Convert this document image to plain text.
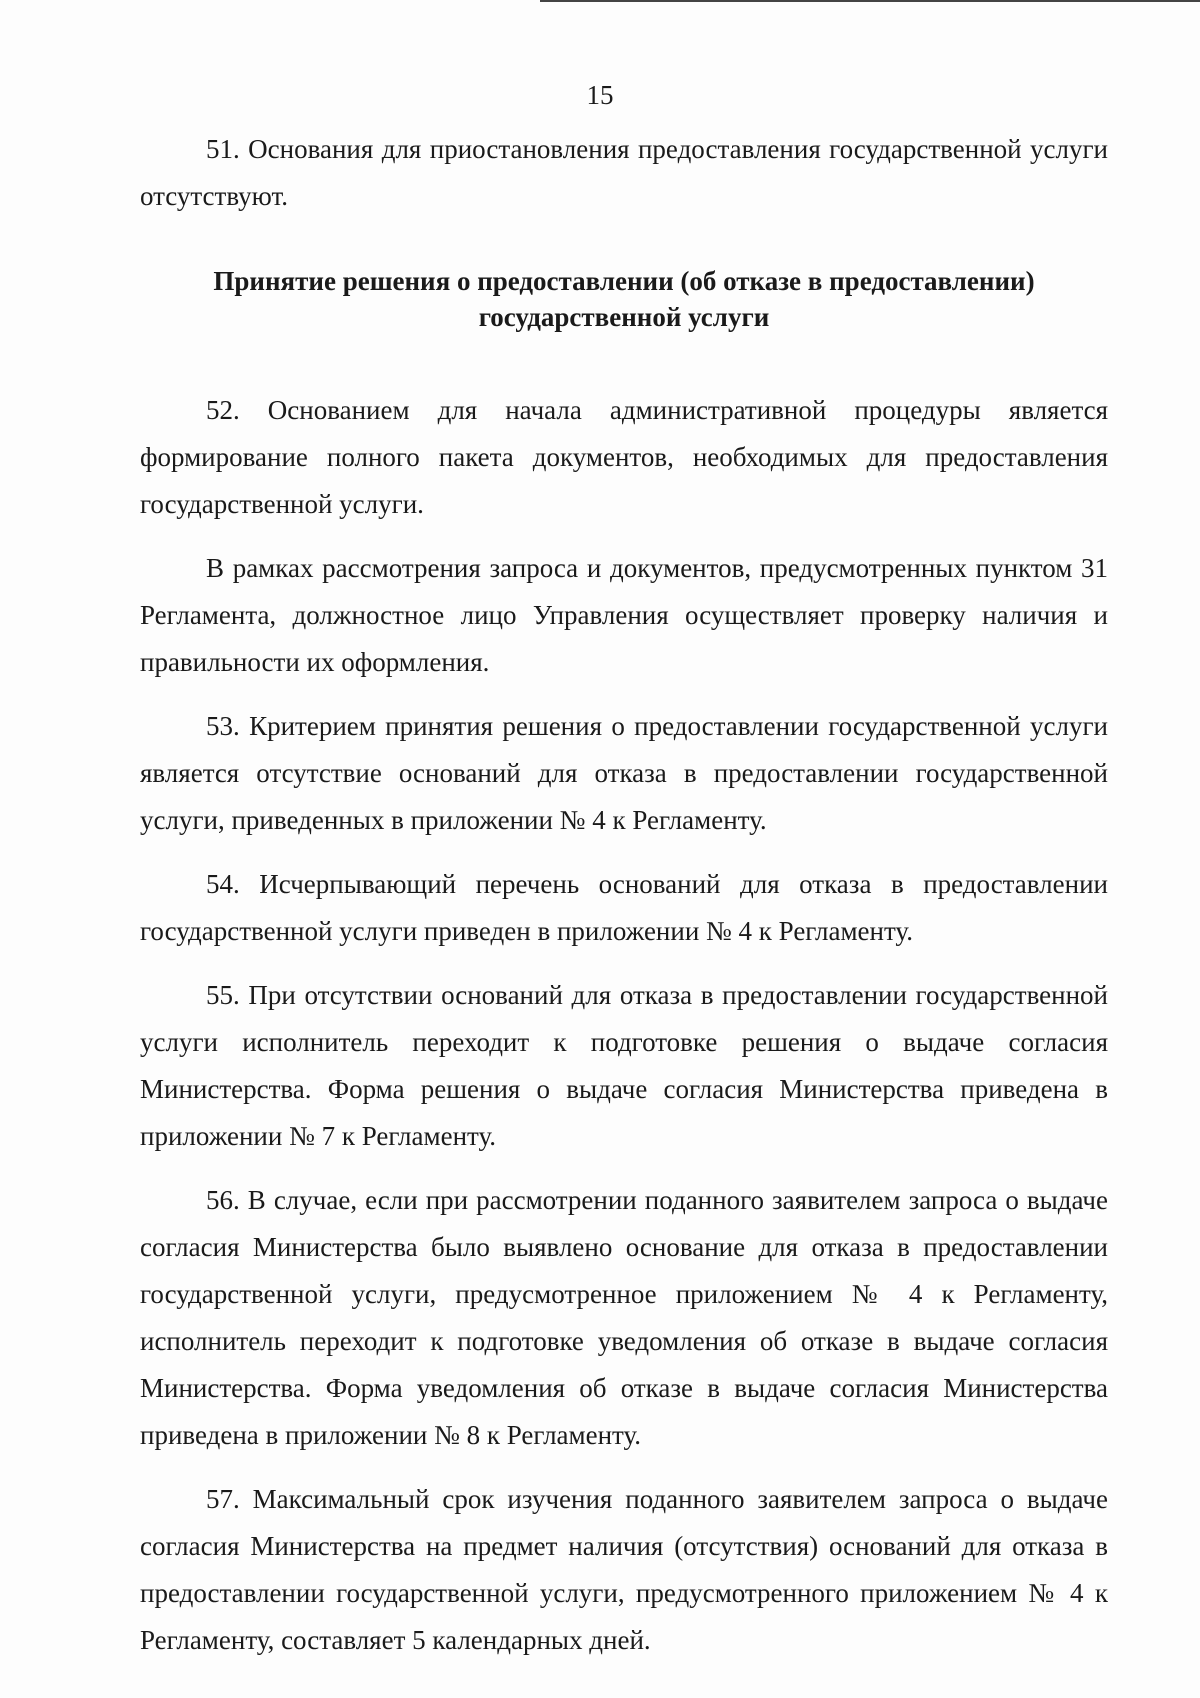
15

51. Основания для приостановления предоставления государственной услуги отсутствуют.

Принятие решения о предоставлении (об отказе в предоставлении)
государственной услуги

52. Основанием для начала административной процедуры является формирование полного пакета документов, необходимых для предоставления государственной услуги.

В рамках рассмотрения запроса и документов, предусмотренных пунктом 31 Регламента, должностное лицо Управления осуществляет проверку наличия и правильности их оформления.

53. Критерием принятия решения о предоставлении государственной услуги является отсутствие оснований для отказа в предоставлении государственной услуги, приведенных в приложении № 4 к Регламенту.

54. Исчерпывающий перечень оснований для отказа в предоставлении государственной услуги приведен в приложении № 4 к Регламенту.

55. При отсутствии оснований для отказа в предоставлении государственной услуги исполнитель переходит к подготовке решения о выдаче согласия Министерства. Форма решения о выдаче согласия Министерства приведена в приложении № 7 к Регламенту.

56. В случае, если при рассмотрении поданного заявителем запроса о выдаче согласия Министерства было выявлено основание для отказа в предоставлении государственной услуги, предусмотренное приложением № 4 к Регламенту, исполнитель переходит к подготовке уведомления об отказе в выдаче согласия Министерства. Форма уведомления об отказе в выдаче согласия Министерства приведена в приложении № 8 к Регламенту.

57. Максимальный срок изучения поданного заявителем запроса о выдаче согласия Министерства на предмет наличия (отсутствия) оснований для отказа в предоставлении государственной услуги, предусмотренного приложением № 4 к Регламенту, составляет 5 календарных дней.
